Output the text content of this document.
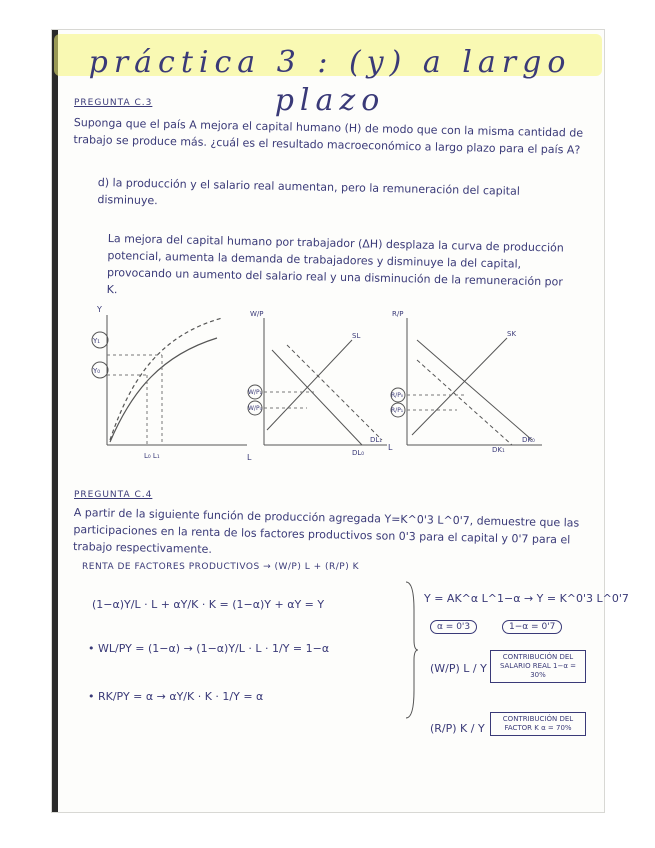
práctica 3 : (y) a largo plazo
PREGUNTA C.3
Suponga que el país A mejora el capital humano (H) de modo que con la misma cantidad de trabajo se produce más. ¿cuál es el resultado macroeconómico a largo plazo para el país A?
d) la producción y el salario real aumentan, pero la remuneración del capital disminuye.
La mejora del capital humano por trabajador (ΔH) desplaza la curva de producción potencial, aumenta la demanda de trabajadores y disminuye la del capital, provocando un aumento del salario real y una disminución de la remuneración por K.
Y
Y₁
Y₀
L
L₀ L₁
W/P
W/P₁
W/P₀
SL
DL₀
DL₁
L
R/P
R/P₀
R/P₁
SK
DK₀
DK₁
PREGUNTA C.4
A partir de la siguiente función de producción agregada Y=K^0'3 L^0'7, demuestre que las participaciones en la renta de los factores productivos son 0'3 para el capital y 0'7 para el trabajo respectivamente.
RENTA DE FACTORES PRODUCTIVOS → (W/P) L + (R/P) K
(1−α)Y/L · L + αY/K · K = (1−α)Y + αY = Y
• WL/PY = (1−α) → (1−α)Y/L · L · 1/Y = 1−α
• RK/PY = α → αY/K · K · 1/Y = α
Y = AK^α L^1−α → Y = K^0'3 L^0'7
α = 0'3	1−α = 0'7
(W/P) L / Y
CONTRIBUCIÓN DEL SALARIO REAL 1−α = 30%
(R/P) K / Y
CONTRIBUCIÓN DEL FACTOR K α = 70%
